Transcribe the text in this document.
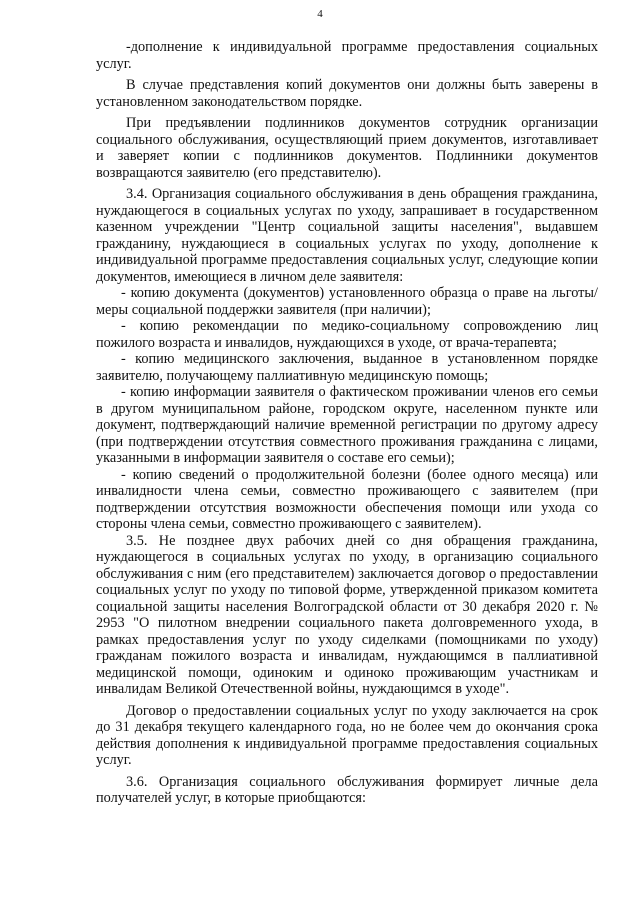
4

-дополнение к индивидуальной программе предоставления социальных услуг.

В случае представления копий документов они должны быть заверены в установленном законодательством порядке.

При предъявлении подлинников документов сотрудник организации социального обслуживания, осуществляющий прием документов, изготавливает и заверяет копии с подлинников документов. Подлинники документов возвращаются заявителю (его представителю).

3.4. Организация социального обслуживания в день обращения гражданина, нуждающегося в социальных услугах по уходу, запрашивает в государственном казенном учреждении "Центр социальной защиты населения", выдавшем гражданину, нуждающиеся в социальных услугах по уходу, дополнение к индивидуальной программе предоставления социальных услуг, следующие копии документов, имеющиеся в личном деле заявителя:

- копию документа (документов) установленного образца о праве на льготы/меры социальной поддержки заявителя (при наличии);

- копию рекомендации по медико-социальному сопровождению лиц пожилого возраста и инвалидов, нуждающихся в уходе, от врача-терапевта;

- копию медицинского заключения, выданное в установленном порядке заявителю, получающему паллиативную медицинскую помощь;

- копию информации заявителя о фактическом проживании членов его семьи в другом муниципальном районе, городском округе, населенном пункте или документ, подтверждающий наличие временной регистрации по другому адресу (при подтверждении отсутствия совместного проживания гражданина с лицами, указанными в информации заявителя о составе его семьи);

- копию сведений о продолжительной болезни (более одного месяца) или инвалидности члена семьи, совместно проживающего с заявителем (при подтверждении отсутствия возможности обеспечения помощи или ухода со стороны члена семьи, совместно проживающего с заявителем).

3.5. Не позднее двух рабочих дней со дня обращения гражданина, нуждающегося в социальных услугах по уходу, в организацию социального обслуживания с ним (его представителем) заключается договор о предоставлении социальных услуг по уходу по типовой форме, утвержденной приказом комитета социальной защиты населения Волгоградской области от 30 декабря 2020 г. № 2953 "О пилотном внедрении социального пакета долговременного ухода, в рамках предоставления услуг по уходу сиделками (помощниками по уходу) гражданам пожилого возраста и инвалидам, нуждающимся в паллиативной медицинской помощи, одиноким и одиноко проживающим участникам и инвалидам Великой Отечественной войны, нуждающимся в уходе".

Договор о предоставлении социальных услуг по уходу заключается на срок до 31 декабря текущего календарного года, но не более чем до окончания срока действия дополнения к индивидуальной программе предоставления социальных услуг.

3.6. Организация социального обслуживания формирует личные дела получателей услуг, в которые приобщаются:
